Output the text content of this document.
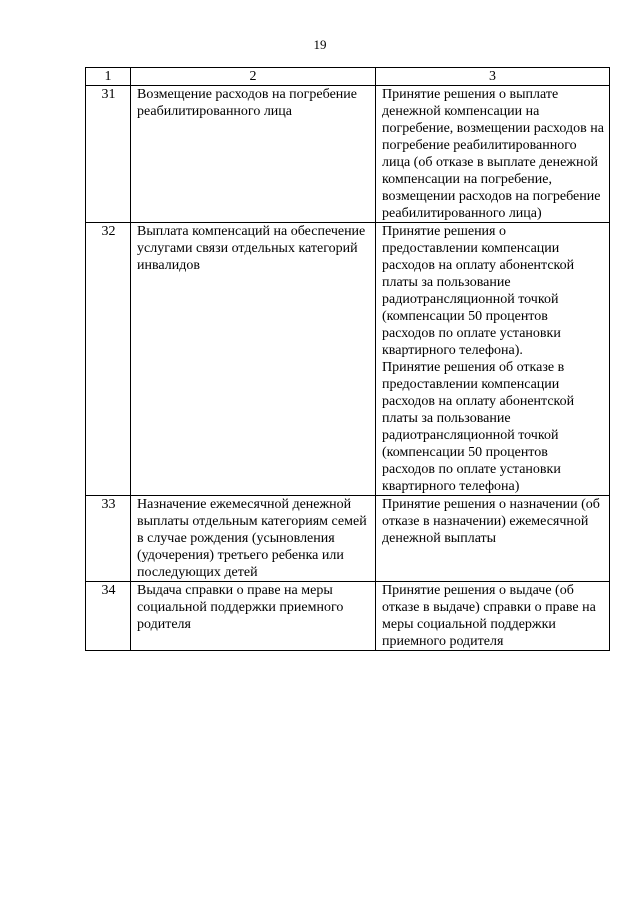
19
1	2	3
31	Возмещение расходов на погребение реабилитированного лица	Принятие решения о выплате денежной компенсации на погребение, возмещении расходов на погребение реабилитированного лица (об отказе в выплате денежной компенсации на погребение, возмещении расходов на погребение реабилитированного лица)

32	Выплата компенсаций на обеспечение услугами связи отдельных категорий инвалидов	Принятие решения о предоставлении компенсации расходов на оплату абонентской платы за пользование радиотрансляционной точкой (компенсации 50 процентов расходов по оплате установки квартирного телефона).
Принятие решения об отказе в предоставлении компенсации расходов на оплату абонентской платы за пользование радиотрансляционной точкой (компенсации 50 процентов расходов по оплате установки квартирного телефона)

33	Назначение ежемесячной денежной выплаты отдельным категориям семей в случае рождения (усыновления (удочерения) третьего ребенка или последующих детей	Принятие решения о назначении (об отказе в назначении) ежемесячной денежной выплаты

34	Выдача справки о праве на меры социальной поддержки приемного родителя	Принятие решения о выдаче (об отказе в выдаче) справки о праве на меры социальной поддержки приемного родителя
